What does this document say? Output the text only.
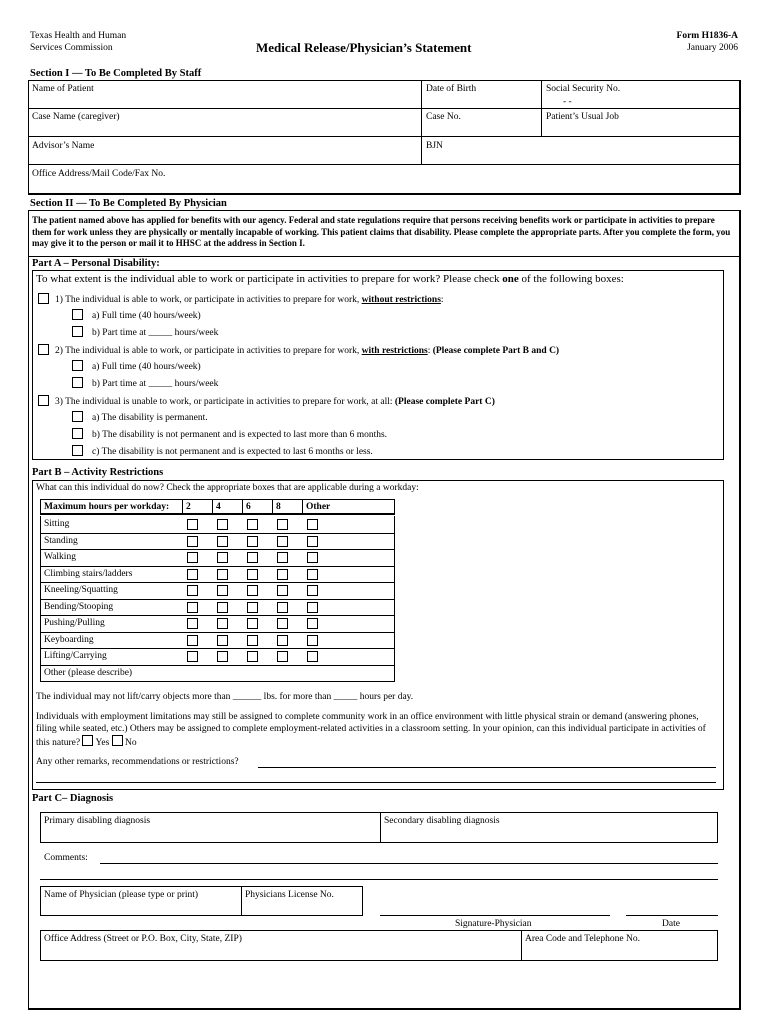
Texas Health and Human
Services Commission	Medical Release/Physician’s Statement
Form H1836-A
January 2006
Section I — To Be Completed By Staff
Name of Patient	Date of Birth	Social Security No.
- -
Case Name (caregiver)	Case No.	Patient’s Usual Job
Advisor’s Name	BJN
Office Address/Mail Code/Fax No.
Section II — To Be Completed By Physician
The patient named above has applied for benefits with our agency. Federal and state regulations require that persons receiving benefits work or participate in activities to prepare them for work unless they are physically or mentally incapable of working. This patient claims that disability. Please complete the appropriate parts. After you complete the form, you may give it to the person or mail it to HHSC at the address in Section I.
Part A – Personal Disability:
To what extent is the individual able to work or participate in activities to prepare for work? Please check one of the following boxes:
1) The individual is able to work, or participate in activities to prepare for work, without restrictions:
a) Full time (40 hours/week)
b) Part time at _____ hours/week
2) The individual is able to work, or participate in activities to prepare for work, with restrictions: (Please complete Part B and C)
a) Full time (40 hours/week)
b) Part time at _____ hours/week
3) The individual is unable to work, or participate in activities to prepare for work, at all: (Please complete Part C)
a) The disability is permanent.
b) The disability is not permanent and is expected to last more than 6 months.
c) The disability is not permanent and is expected to last 6 months or less.
Part B – Activity Restrictions
What can this individual do now? Check the appropriate boxes that are applicable during a workday:
Maximum hours per workday:	2	4	6	8	Other
Sitting
Standing
Walking
Climbing stairs/ladders
Kneeling/Squatting
Bending/Stooping
Pushing/Pulling
Keyboarding
Lifting/Carrying
Other (please describe)
The individual may not lift/carry objects more than ______ lbs. for more than _____ hours per day.
Individuals with employment limitations may still be assigned to complete community work in an office environment with little physical strain or demand (answering phones, filing while seated, etc.) Others may be assigned to complete employment-related activities in a classroom setting. In your opinion, can this individual participate in activities of this nature? Yes No
Any other remarks, recommendations or restrictions?
Part C– Diagnosis
Primary disabling diagnosis	Secondary disabling diagnosis
Comments:
Name of Physician (please type or print)	Physicians License No.
Signature-Physician	Date
Office Address (Street or P.O. Box, City, State, ZIP)	Area Code and Telephone No.
